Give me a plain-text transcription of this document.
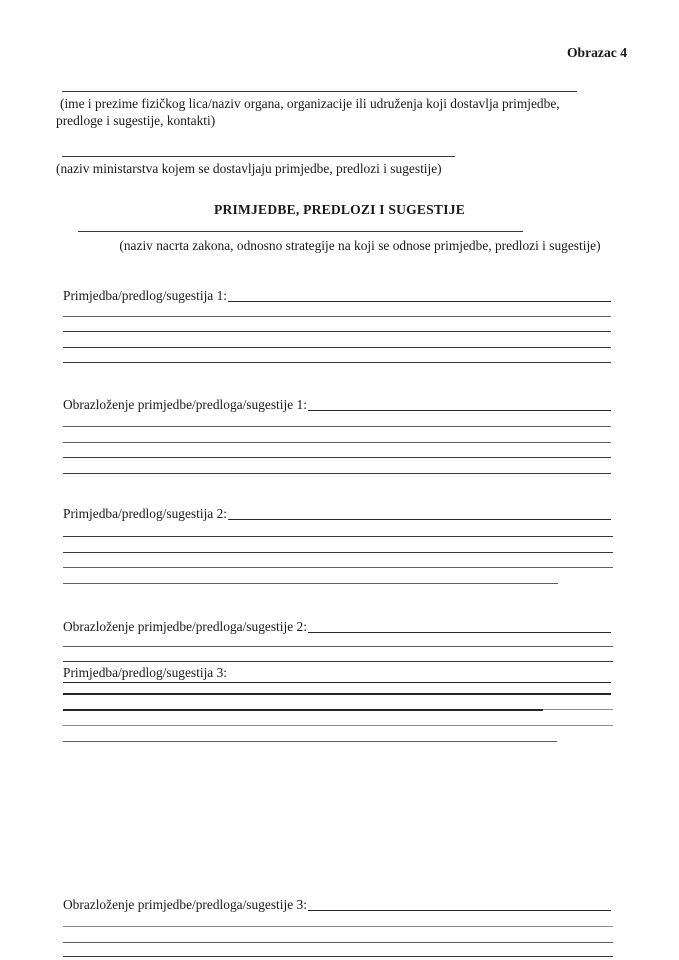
Obrazac 4
(ime i prezime fizičkog lica/naziv organa, organizacije ili udruženja koji dostavlja primjedbe, predloge i sugestije, kontakti)
(naziv ministarstva kojem se dostavljaju primjedbe, predlozi i sugestije)
PRIMJEDBE, PREDLOZI I SUGESTIJE
(naziv nacrta zakona, odnosno strategije na koji se odnose primjedbe, predlozi i sugestije)
Primjedba/predlog/sugestija 1:
Obrazloženje primjedbe/predloga/sugestije 1:
Primjedba/predlog/sugestija 2:
Obrazloženje primjedbe/predloga/sugestije 2:
Primjedba/predlog/sugestija 3:
Obrazloženje primjedbe/predloga/sugestije 3:
